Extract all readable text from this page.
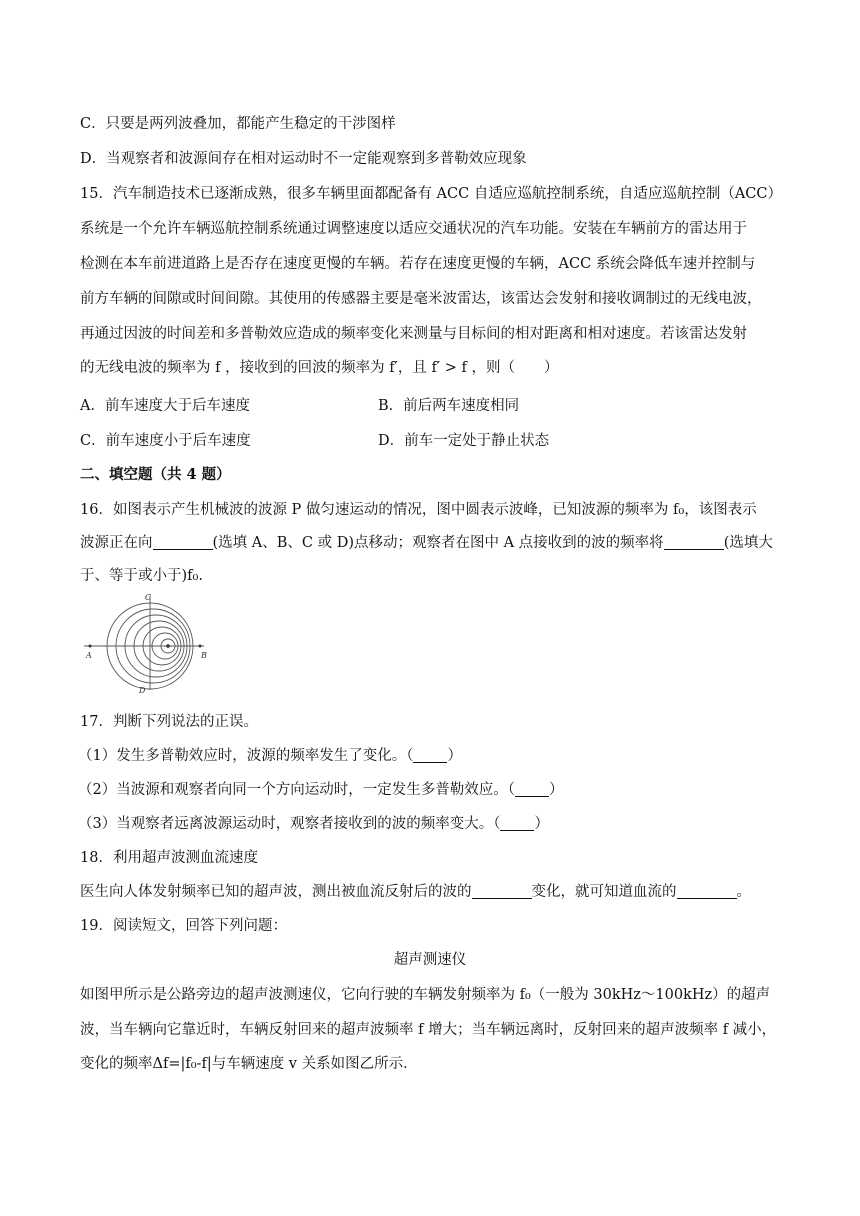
C．只要是两列波叠加，都能产生稳定的干涉图样
D．当观察者和波源间存在相对运动时不一定能观察到多普勒效应现象
15．汽车制造技术已逐渐成熟，很多车辆里面都配备有 ACC 自适应巡航控制系统，自适应巡航控制（ACC）
系统是一个允许车辆巡航控制系统通过调整速度以适应交通状况的汽车功能。安装在车辆前方的雷达用于
检测在本车前进道路上是否存在速度更慢的车辆。若存在速度更慢的车辆，ACC 系统会降低车速并控制与
前方车辆的间隙或时间间隙。其使用的传感器主要是毫米波雷达，该雷达会发射和接收调制过的无线电波，
再通过因波的时间差和多普勒效应造成的频率变化来测量与目标间的相对距离和相对速度。若该雷达发射
的无线电波的频率为 f ，接收到的回波的频率为 f′，且 f′ > f ，则（　　）
A．前车速度大于后车速度	B．前后两车速度相同
C．前车速度小于后车速度	D．前车一定处于静止状态
二、填空题（共 4 题）
16．如图表示产生机械波的波源 P 做匀速运动的情况，图中圆表示波峰，已知波源的频率为 f₀，该图表示
波源正在向	(选填 A、B、C 或 D)点移动；观察者在图中 A 点接收到的波的频率将	(选填大
于、等于或小于)f₀.
A	B
C
D
17．判断下列说法的正误。
（1）发生多普勒效应时，波源的频率发生了变化。（ ）
（2）当波源和观察者向同一个方向运动时，一定发生多普勒效应。（ ）
（3）当观察者远离波源运动时，观察者接收到的波的频率变大。（ ）
18．利用超声波测血流速度
医生向人体发射频率已知的超声波，测出被血流反射后的波的	变化，就可知道血流的	。
19．阅读短文，回答下列问题：
超声测速仪
如图甲所示是公路旁边的超声波测速仪，它向行驶的车辆发射频率为 f₀（一般为 30kHz～100kHz）的超声
波，当车辆向它靠近时，车辆反射回来的超声波频率 f 增大；当车辆远离时，反射回来的超声波频率 f 减小，
变化的频率Δf=|f₀-f|与车辆速度 v 关系如图乙所示．
